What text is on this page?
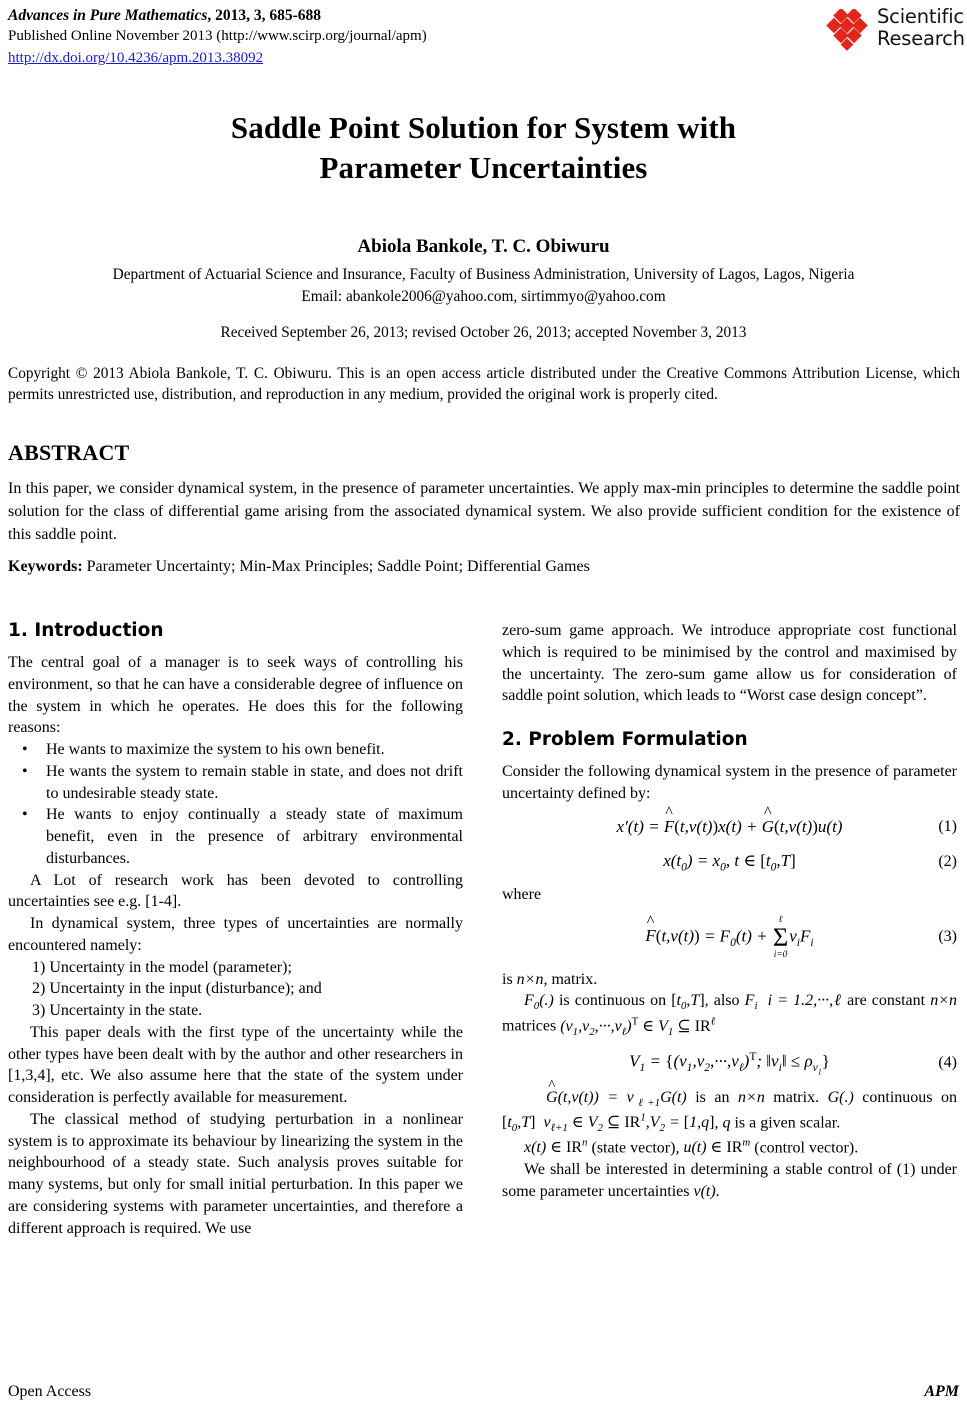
Advances in Pure Mathematics, 2013, 3, 685-688
Published Online November 2013 (http://www.scirp.org/journal/apm)
http://dx.doi.org/10.4236/apm.2013.38092
Scientific
Research
Saddle Point Solution for System with
Parameter Uncertainties
Abiola Bankole, T. C. Obiwuru
Department of Actuarial Science and Insurance, Faculty of Business Administration, University of Lagos, Lagos, Nigeria
Email: abankole2006@yahoo.com, sirtimmyo@yahoo.com
Received September 26, 2013; revised October 26, 2013; accepted November 3, 2013
Copyright © 2013 Abiola Bankole, T. C. Obiwuru. This is an open access article distributed under the Creative Commons Attribution License, which permits unrestricted use, distribution, and reproduction in any medium, provided the original work is properly cited.
ABSTRACT
In this paper, we consider dynamical system, in the presence of parameter uncertainties. We apply max-min principles to determine the saddle point solution for the class of differential game arising from the associated dynamical system. We also provide sufficient condition for the existence of this saddle point.
Keywords: Parameter Uncertainty; Min-Max Principles; Saddle Point; Differential Games
1. Introduction

The central goal of a manager is to seek ways of controlling his environment, so that he can have a considerable degree of influence on the system in which he operates. He does this for the following reasons:

• He wants to maximize the system to his own benefit.
• He wants the system to remain stable in state, and does not drift to undesirable steady state.
• He wants to enjoy continually a steady state of maximum benefit, even in the presence of arbitrary environmental disturbances.

A Lot of research work has been devoted to controlling uncertainties see e.g. [1-4].

In dynamical system, three types of uncertainties are normally encountered namely:

1) Uncertainty in the model (parameter);
2) Uncertainty in the input (disturbance); and
3) Uncertainty in the state.

This paper deals with the first type of the uncertainty while the other types have been dealt with by the author and other researchers in [1,3,4], etc. We also assume here that the state of the system under consideration is perfectly available for measurement.

The classical method of studying perturbation in a nonlinear system is to approximate its behaviour by linearizing the system in the neighbourhood of a steady state. Such analysis proves suitable for many systems, but only for small initial perturbation. In this paper we are considering systems with parameter uncertainties, and therefore a different approach is required. We use

zero-sum game approach. We introduce appropriate cost functional which is required to be minimised by the control and maximised by the uncertainty. The zero-sum game allow us for consideration of saddle point solution, which leads to “Worst case design concept”.

2. Problem Formulation

Consider the following dynamical system in the presence of parameter uncertainty defined by:

x′(t) =
^
F(t,v(t))x(t) +
^
G(t,v(t))u(t)	(1)
$x(t_0) = x_0$, t ∈ $[t_0,T]$	(2)

where

^
$F(t,v(t)) = F_0(t)$ +
ℓ
Σ
i=0
$v_iF_i$	(3)

is n×n, matrix.

$F_0(.)$ is continuous on $[t_0,T]$, also $F_i$  i = 1.2,···,ℓ are constant n×n matrices $(v_1,v_2,\cdot\cdot\cdot,v_\ell)^T$ ∈ $V_1$ ⊆ $IR^\ell$

$V_1 = \{(v_1,v_2,\cdot\cdot\cdot,v_\ell)^T$; $‖v_i‖ \le \rho_{v_1}$}	(4)

^
$G(t,v(t)) = v_{\ell+1}G(t)$ is an n×n matrix. G(.) continuous on $[t_0,T]$ $v_{\ell+1}$ ∈ $V_2$ ⊆ $IR^1,V_2 = [1,q]$, q is a given scalar.

x(t) ∈ $IR^n$ (state vector), u(t) ∈ $IR^m$ (control vector).

We shall be interested in determining a stable control of (1) under some parameter uncertainties v(t).

Open Access	APM
